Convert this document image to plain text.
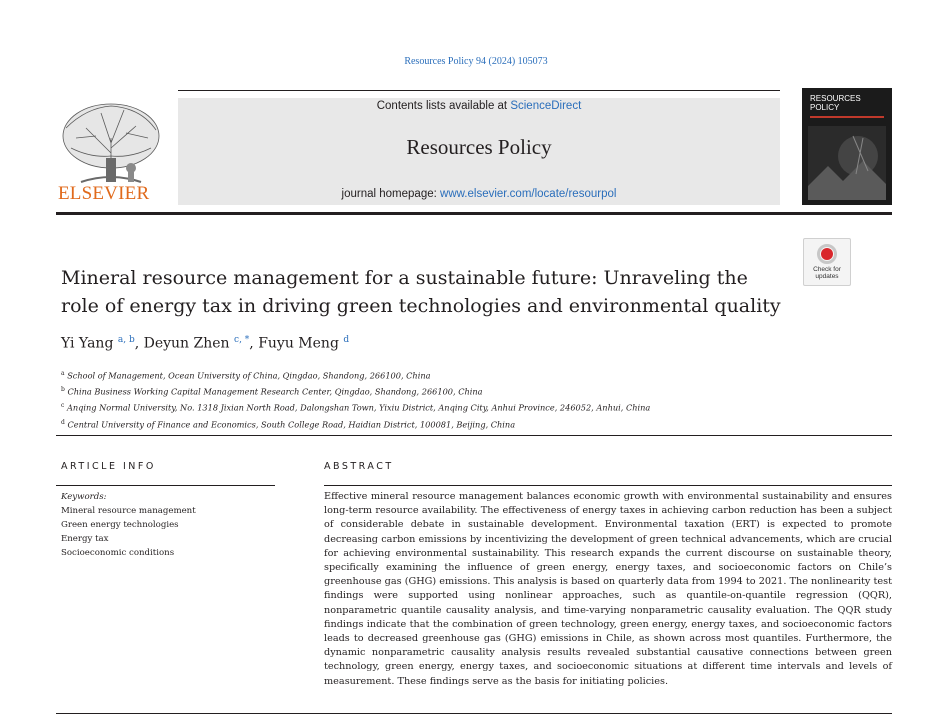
Resources Policy 94 (2024) 105073
ELSEVIER
Contents lists available at ScienceDirect
Resources Policy
journal homepage: www.elsevier.com/locate/resourpol
RESOURCES
POLICY
Check for
updates
Mineral resource management for a sustainable future: Unraveling the role of energy tax in driving green technologies and environmental quality
Yi Yang $^{a, b}$, Deyun Zhen $^{c, *}$, Fuyu Meng $^d$
$^a$ School of Management, Ocean University of China, Qingdao, Shandong, 266100, China
$^b$ China Business Working Capital Management Research Center, Qingdao, Shandong, 266100, China
$^c$ Anqing Normal University, No. 1318 Jixian North Road, Dalongshan Town, Yixiu District, Anqing City, Anhui Province, 246052, Anhui, China
$^d$ Central University of Finance and Economics, South College Road, Haidian District, 100081, Beijing, China
ARTICLE INFO
Keywords:
Mineral resource management
Green energy technologies
Energy tax
Socioeconomic conditions
ABSTRACT
Effective mineral resource management balances economic growth with environmental sustainability and ensures long-term resource availability. The effectiveness of energy taxes in achieving carbon reduction has been a subject of considerable debate in sustainable development. Environmental taxation (ERT) is expected to promote decreasing carbon emissions by incentivizing the development of green technical advancements, which are crucial for achieving environmental sustainability. This research expands the current discourse on sustainable theory, specifically examining the influence of green energy, energy taxes, and socioeconomic factors on Chile’s greenhouse gas (GHG) emissions. This analysis is based on quarterly data from 1994 to 2021. The nonlinearity test findings were supported using nonlinear approaches, such as quantile-on-quantile regression (QQR), nonparametric quantile causality analysis, and time-varying nonparametric causality evaluation. The QQR study findings indicate that the combination of green technology, green energy, energy taxes, and socioeconomic factors leads to decreased greenhouse gas (GHG) emissions in Chile, as shown across most quantiles. Furthermore, the dynamic nonparametric causality analysis results revealed substantial causative connections between green technology, green energy, energy taxes, and socioeconomic situations at different time intervals and levels of measurement. These findings serve as the basis for initiating policies.
